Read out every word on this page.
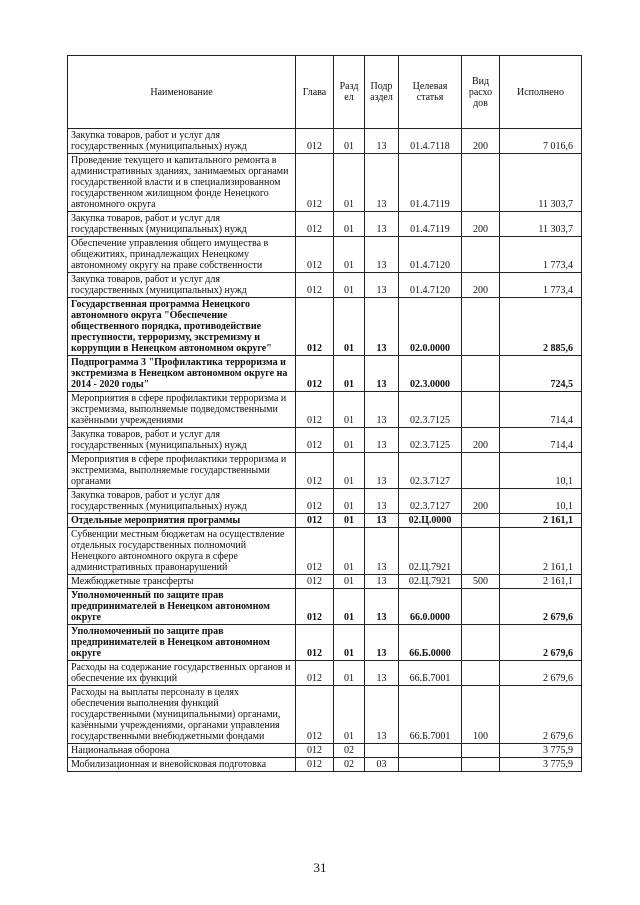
Наименование	Глава	Разд ел	Подр аздел	Целевая статья	Вид расхо дов	Исполнено
Закупка товаров, работ и услуг для государственных (муниципальных) нужд	012	01	13	01.4.7118	200	7 016,6
Проведение текущего и капитального ремонта в административных зданиях, занимаемых органами государственной власти и в специализированном государственном жилищном фонде Ненецкого автономного округа	012	01	13	01.4.7119		11 303,7
Закупка товаров, работ и услуг для государственных (муниципальных) нужд	012	01	13	01.4.7119	200	11 303,7
Обеспечение управления общего имущества в общежитиях, принадлежащих Ненецкому автономному округу на праве собственности	012	01	13	01.4.7120		1 773,4
Закупка товаров, работ и услуг для государственных (муниципальных) нужд	012	01	13	01.4.7120	200	1 773,4
Государственная программа Ненецкого автономного округа "Обеспечение общественного порядка, противодействие преступности, терроризму, экстремизму и коррупции в Ненецком автономном округе"	012	01	13	02.0.0000		2 885,6
Подпрограмма 3 "Профилактика терроризма и экстремизма в Ненецком автономном округе на 2014 - 2020 годы"	012	01	13	02.3.0000		724,5
Мероприятия в сфере профилактики терроризма и экстремизма, выполняемые подведомственными казёнными учреждениями	012	01	13	02.3.7125		714,4
Закупка товаров, работ и услуг для государственных (муниципальных) нужд	012	01	13	02.3.7125	200	714,4
Мероприятия в сфере профилактики терроризма и экстремизма, выполняемые государственными органами	012	01	13	02.3.7127		10,1
Закупка товаров, работ и услуг для государственных (муниципальных) нужд	012	01	13	02.3.7127	200	10,1
Отдельные мероприятия программы	012	01	13	02.Ц.0000		2 161,1
Субвенции местным бюджетам на осуществление отдельных государственных полномочий Ненецкого автономного округа в сфере административных правонарушений	012	01	13	02.Ц.7921		2 161,1
Межбюджетные трансферты	012	01	13	02.Ц.7921	500	2 161,1
Уполномоченный по защите прав предпринимателей в Ненецком автономном округе	012	01	13	66.0.0000		2 679,6
Уполномоченный по защите прав предпринимателей в Ненецком автономном округе	012	01	13	66.Б.0000		2 679,6
Расходы на содержание государственных органов и обеспечение их функций	012	01	13	66.Б.7001		2 679,6
Расходы на выплаты персоналу в целях обеспечения выполнения функций государственными (муниципальными) органами, казёнными учреждениями, органами управления государственными внебюджетными фондами	012	01	13	66.Б.7001	100	2 679,6
Национальная оборона	012	02				3 775,9
Мобилизационная и вневойсковая подготовка	012	02	03			3 775,9
31
